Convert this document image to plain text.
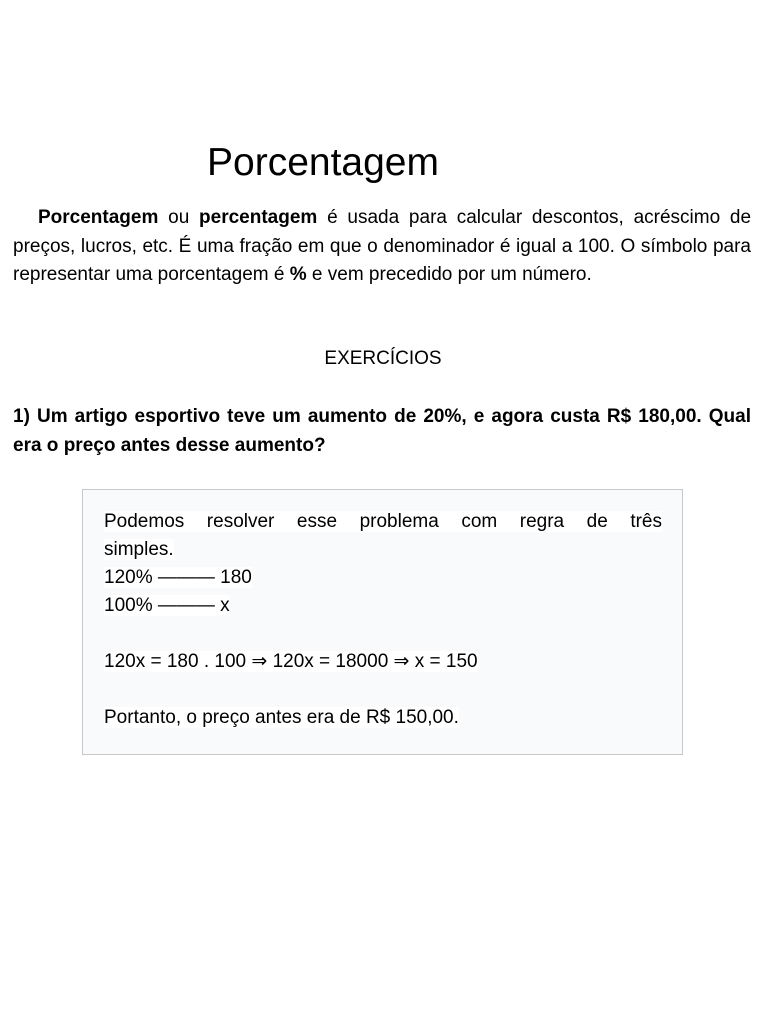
Porcentagem

Porcentagem ou percentagem é usada para calcular descontos, acréscimo de preços, lucros, etc. É uma fração em que o denominador é igual a 100. O símbolo para representar uma porcentagem é % e vem precedido por um número.

EXERCÍCIOS

1) Um artigo esportivo teve um aumento de 20%, e agora custa R$ 180,00. Qual era o preço antes desse aumento?

Podemos resolver esse problema com regra de três
simples.
120% ——— 180
100% ——— x
120x = 180 . 100 ⇒ 120x = 18000 ⇒ x = 150
Portanto, o preço antes era de R$ 150,00.
